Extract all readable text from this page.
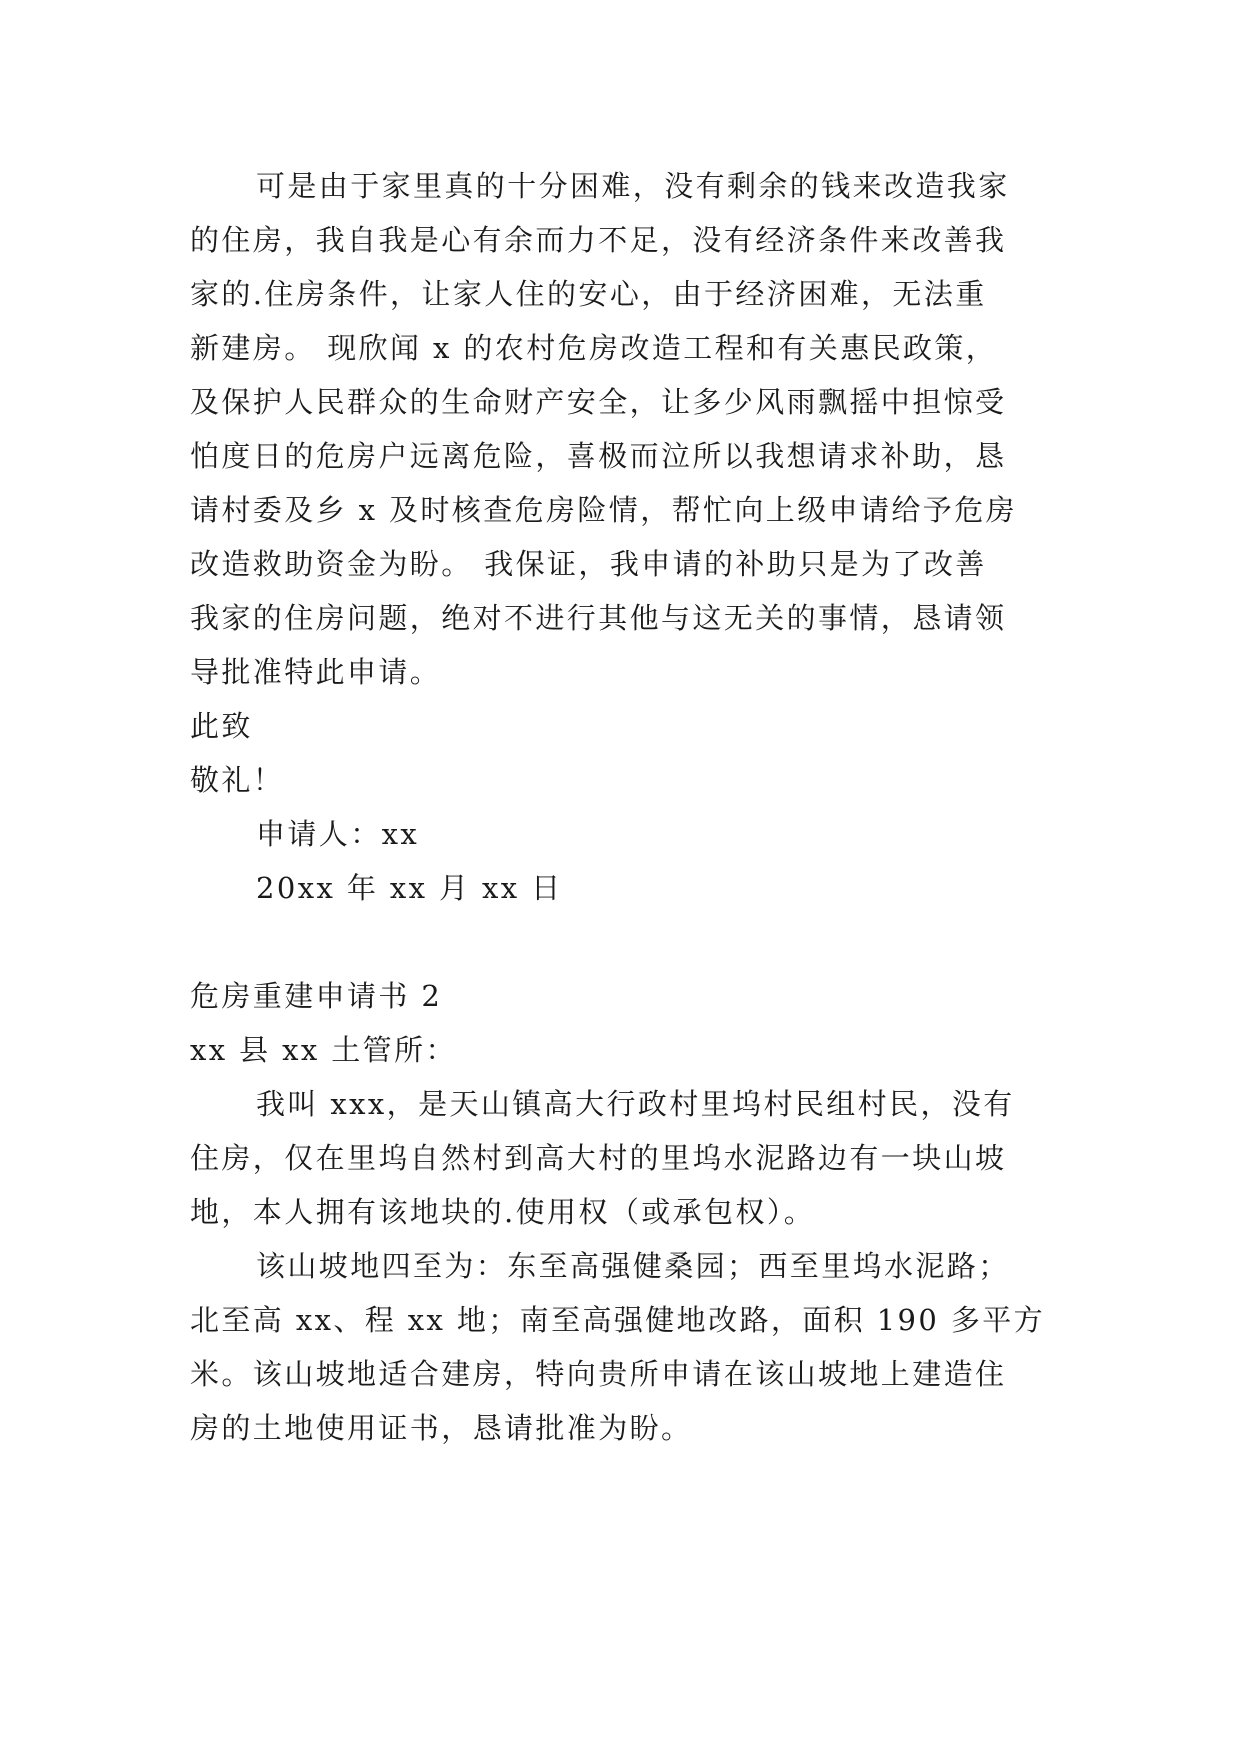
可是由于家里真的十分困难，没有剩余的钱来改造我家

的住房，我自我是心有余而力不足，没有经济条件来改善我

家的.住房条件，让家人住的安心，由于经济困难，无法重

新建房。 现欣闻 x 的农村危房改造工程和有关惠民政策，

及保护人民群众的生命财产安全，让多少风雨飘摇中担惊受

怕度日的危房户远离危险，喜极而泣所以我想请求补助，恳

请村委及乡 x 及时核查危房险情，帮忙向上级申请给予危房

改造救助资金为盼。 我保证，我申请的补助只是为了改善

我家的住房问题，绝对不进行其他与这无关的事情，恳请领

导批准特此申请。

此致

敬礼！

申请人：xx

20xx 年 xx 月 xx 日

危房重建申请书 2

xx 县 xx 土管所：

我叫 xxx，是天山镇高大行政村里坞村民组村民，没有

住房，仅在里坞自然村到高大村的里坞水泥路边有一块山坡

地，本人拥有该地块的.使用权（或承包权）。

该山坡地四至为：东至高强健桑园；西至里坞水泥路；

北至高 xx、程 xx 地；南至高强健地改路，面积 190 多平方

米。该山坡地适合建房，特向贵所申请在该山坡地上建造住

房的土地使用证书，恳请批准为盼。
